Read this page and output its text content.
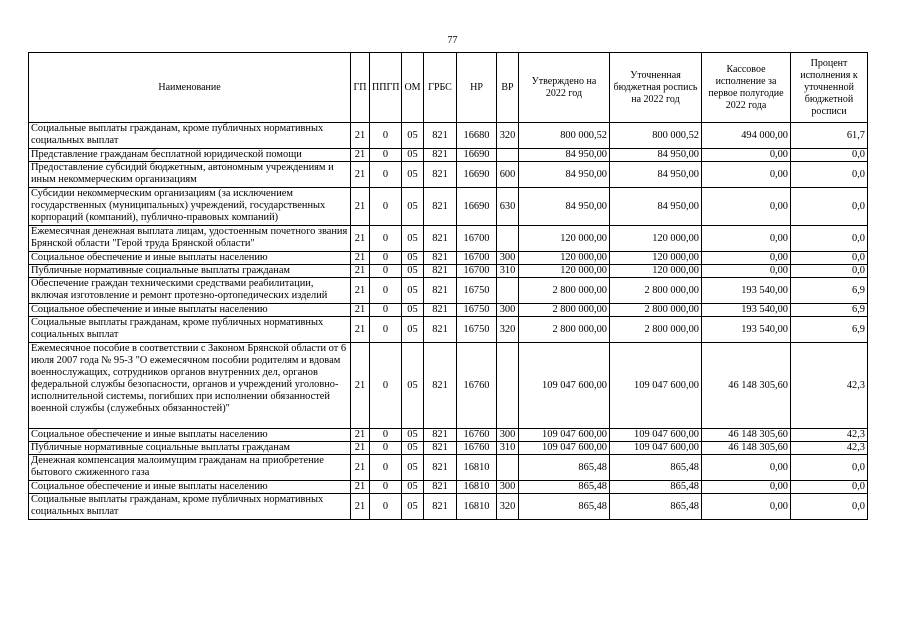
77
Наименование	ГП	ППГП	ОМ	ГРБС	НР	ВР	Утверждено на 2022 год	Уточненная бюджетная роспись на 2022 год	Кассовое исполнение за первое полугодие 2022 года	Процент исполнения к уточненной бюджетной росписи
Социальные выплаты гражданам, кроме публичных нормативных социальных выплат	21	0	05	821	16680	320	800 000,52	800 000,52	494 000,00	61,7
Представление гражданам бесплатной юридической помощи	21	0	05	821	16690		84 950,00	84 950,00	0,00	0,0
Предоставление субсидий бюджетным, автономным учреждениям и иным некоммерческим организациям	21	0	05	821	16690	600	84 950,00	84 950,00	0,00	0,0
Субсидии некоммерческим организациям (за исключением государственных (муниципальных) учреждений, государственных корпораций (компаний), публично-правовых компаний)	21	0	05	821	16690	630	84 950,00	84 950,00	0,00	0,0
Ежемесячная денежная выплата лицам, удостоенным почетного звания Брянской области "Герой труда Брянской области"	21	0	05	821	16700		120 000,00	120 000,00	0,00	0,0
Социальное обеспечение и иные выплаты населению	21	0	05	821	16700	300	120 000,00	120 000,00	0,00	0,0
Публичные нормативные социальные выплаты гражданам	21	0	05	821	16700	310	120 000,00	120 000,00	0,00	0,0
Обеспечение граждан техническими средствами реабилитации, включая изготовление и ремонт протезно-ортопедических изделий	21	0	05	821	16750		2 800 000,00	2 800 000,00	193 540,00	6,9
Социальное обеспечение и иные выплаты населению	21	0	05	821	16750	300	2 800 000,00	2 800 000,00	193 540,00	6,9
Социальные выплаты гражданам, кроме публичных нормативных социальных выплат	21	0	05	821	16750	320	2 800 000,00	2 800 000,00	193 540,00	6,9
Ежемесячное пособие в соответствии с Законом Брянской области от 6 июля 2007 года № 95-З "О ежемесячном пособии родителям и вдовам военнослужащих, сотрудников органов внутренних дел, органов федеральной службы безопасности, органов и учреждений уголовно-исполнительной системы, погибших при исполнении обязанностей военной службы (служебных обязанностей)"	21	0	05	821	16760		109 047 600,00	109 047 600,00	46 148 305,60	42,3
Социальное обеспечение и иные выплаты населению	21	0	05	821	16760	300	109 047 600,00	109 047 600,00	46 148 305,60	42,3
Публичные нормативные социальные выплаты гражданам	21	0	05	821	16760	310	109 047 600,00	109 047 600,00	46 148 305,60	42,3
Денежная компенсация малоимущим гражданам на приобретение бытового сжиженного газа	21	0	05	821	16810		865,48	865,48	0,00	0,0
Социальное обеспечение и иные выплаты населению	21	0	05	821	16810	300	865,48	865,48	0,00	0,0
Социальные выплаты гражданам, кроме публичных нормативных социальных выплат	21	0	05	821	16810	320	865,48	865,48	0,00	0,0
